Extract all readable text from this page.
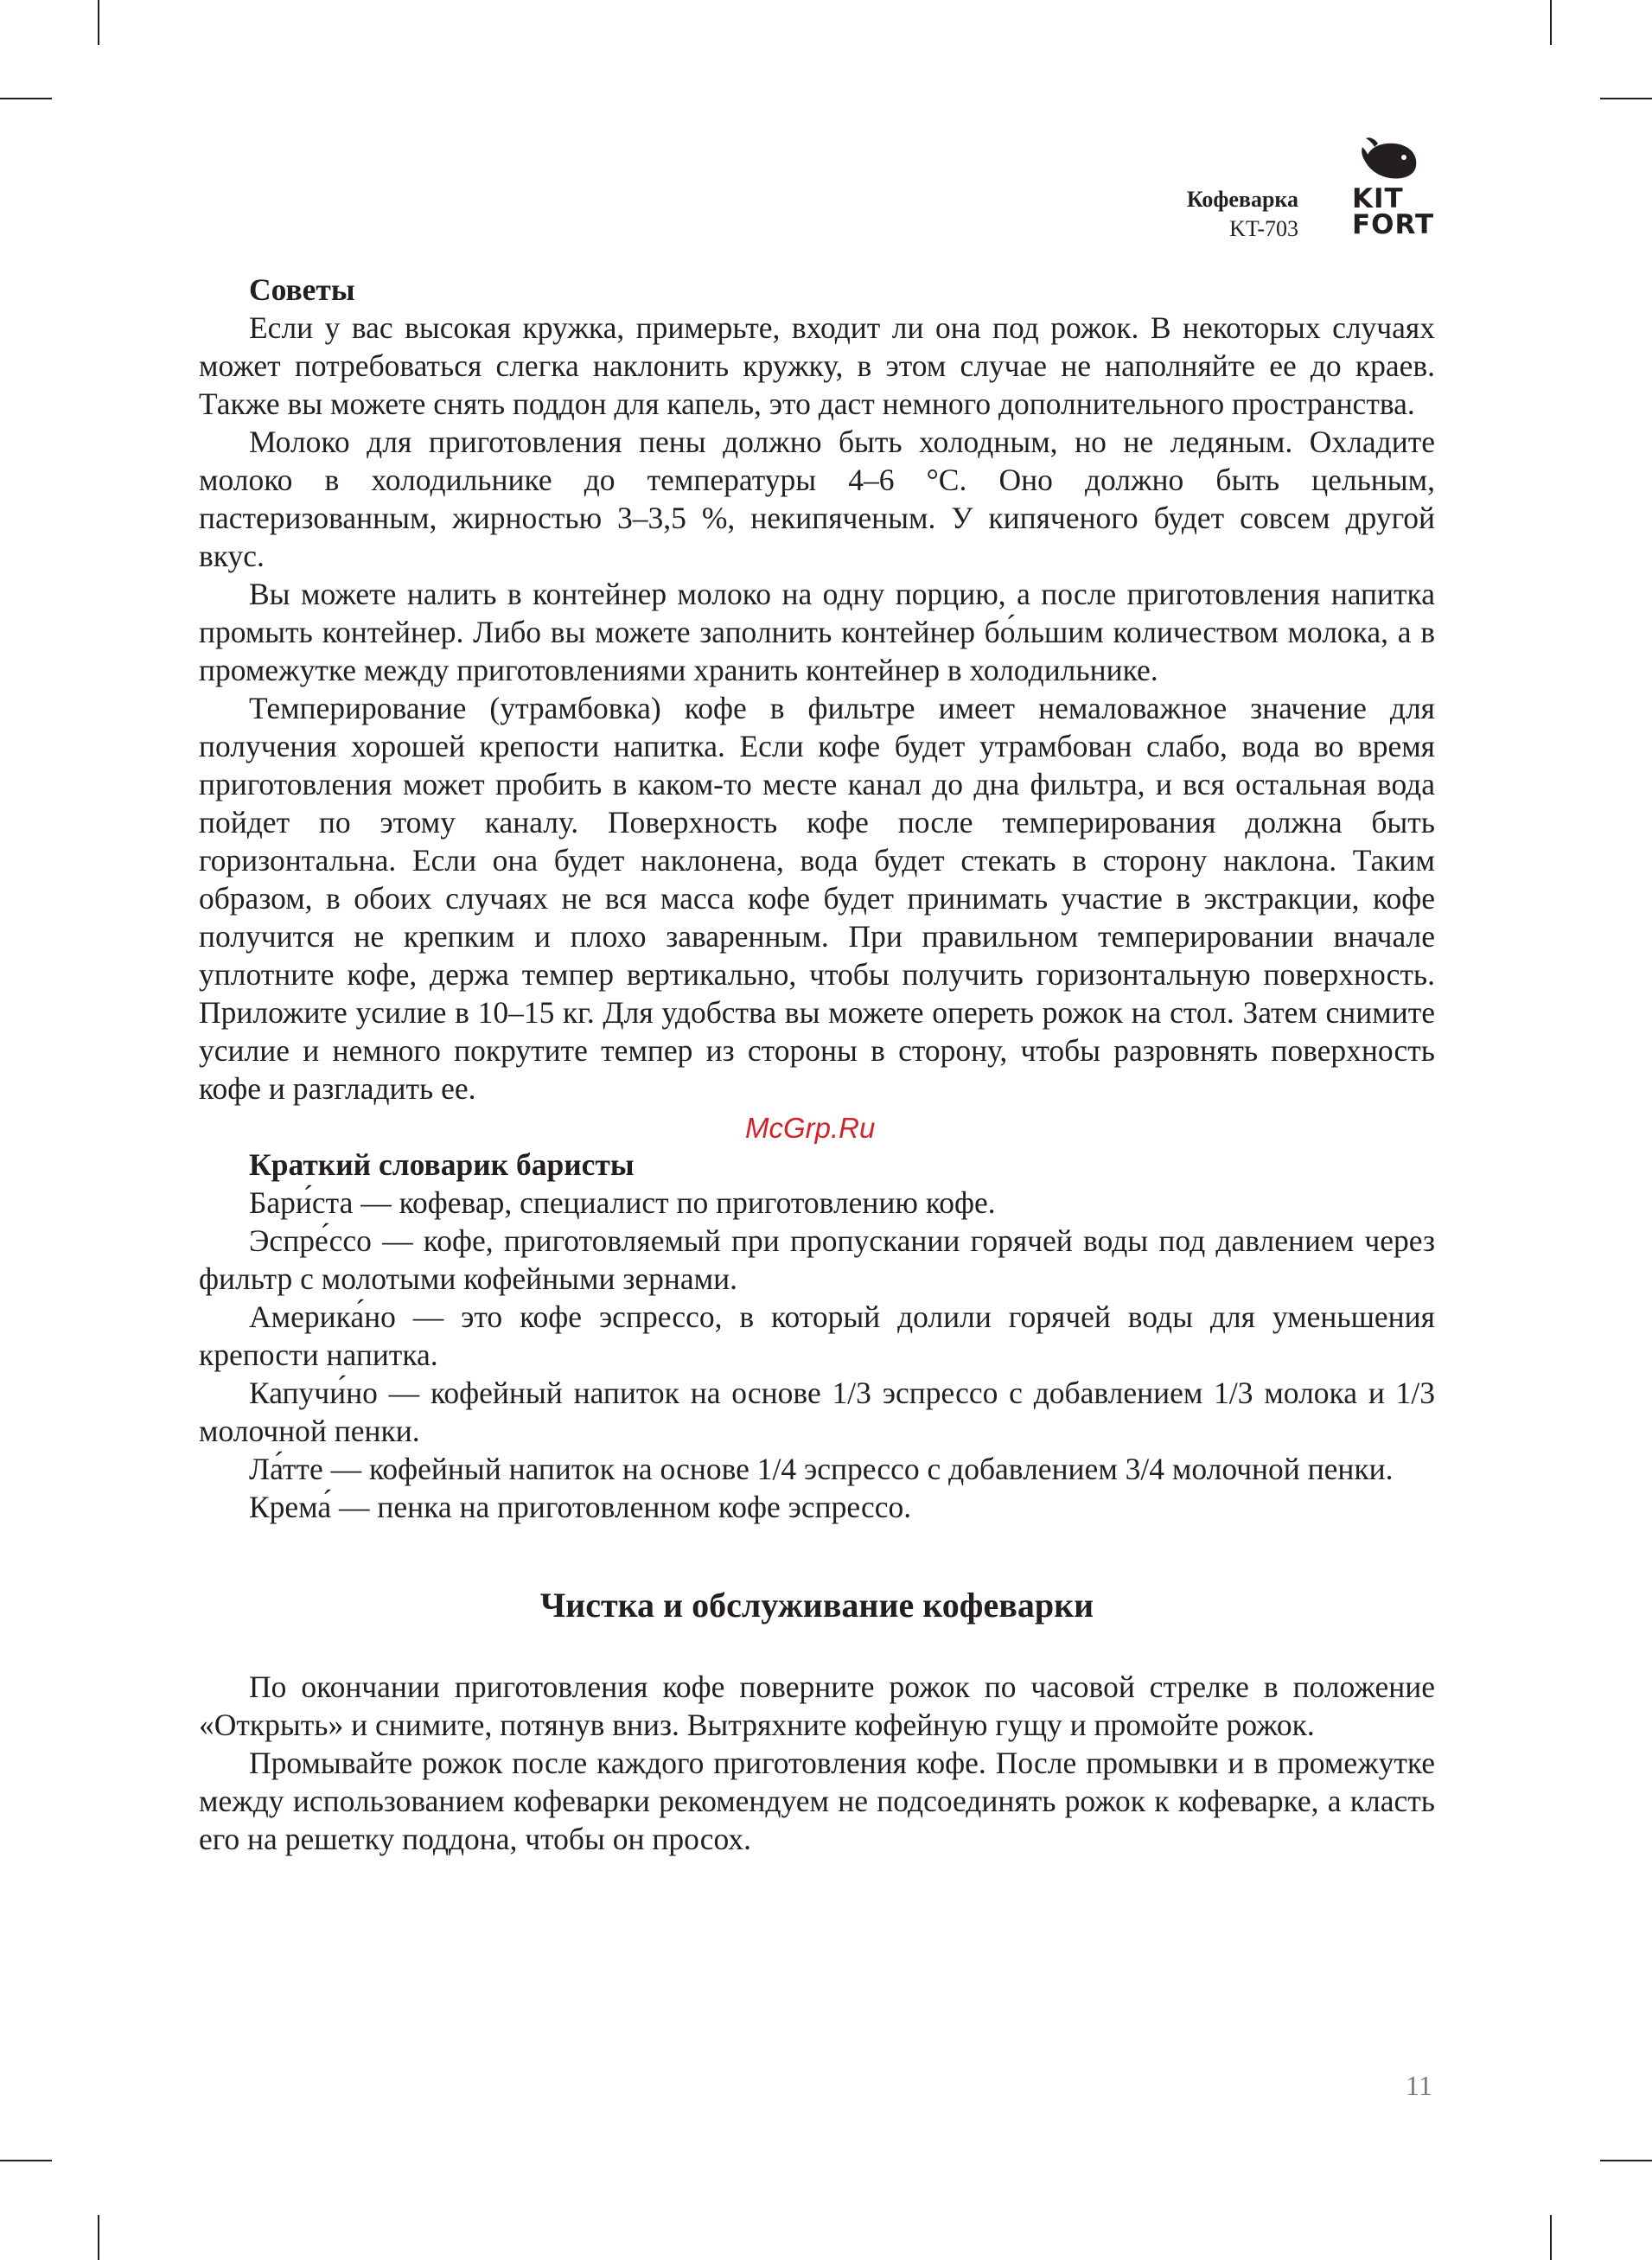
Кофеварка
KT-703
KIT
FORT
Советы

Если у вас высокая кружка, примерьте, входит ли она под рожок. В некоторых случаях может потребоваться слегка наклонить кружку, в этом случае не наполняйте ее до краев. Также вы можете снять поддон для капель, это даст немного дополнительного пространства.

Молоко для приготовления пены должно быть холодным, но не ледяным. Охладите молоко в холодильнике до температуры 4–6 °C. Оно должно быть цельным, пастеризованным, жирностью 3–3,5 %, некипяченым. У кипяченого будет совсем другой вкус.

Вы можете налить в контейнер молоко на одну порцию, а после приготовления напитка промыть контейнер. Либо вы можете заполнить контейнер бо́льшим количеством молока, а в промежутке между приготовлениями хранить контейнер в холодильнике.

Темперирование (утрамбовка) кофе в фильтре имеет немаловажное значение для получения хорошей крепости напитка. Если кофе будет утрамбован слабо, вода во время приготовления может пробить в каком-то месте канал до дна фильтра, и вся остальная вода пойдет по этому каналу. Поверхность кофе после темперирования должна быть горизонтальна. Если она будет наклонена, вода будет стекать в сторону наклона. Таким образом, в обоих случаях не вся масса кофе будет принимать участие в экстракции, кофе получится не крепким и плохо заваренным. При правильном темперировании вначале уплотните кофе, держа темпер вертикально, чтобы получить горизонтальную поверхность. Приложите усилие в 10–15 кг. Для удобства вы можете опереть рожок на стол. Затем снимите усилие и немного покрутите темпер из стороны в сторону, чтобы разровнять поверхность кофе и разгладить ее.

Краткий словарик баристы

Бари́ста — кофевар, специалист по приготовлению кофе.

Эспре́ссо — кофе, приготовляемый при пропускании горячей воды под давлением через фильтр с молотыми кофейными зернами.

Америка́но — это кофе эспрессо, в который долили горячей воды для уменьшения крепости напитка.

Капучи́но — кофейный напиток на основе 1/3 эспрессо с добавлением 1/3 молока и 1/3 молочной пенки.

Ла́тте — кофейный напиток на основе 1/4 эспрессо с добавлением 3/4 молочной пенки.

Крема́ — пенка на приготовленном кофе эспрессо.

Чистка и обслуживание кофеварки

По окончании приготовления кофе поверните рожок по часовой стрелке в положение «Открыть» и снимите, потянув вниз. Вытряхните кофейную гущу и промойте рожок.

Промывайте рожок после каждого приготовления кофе. После промывки и в промежутке между использованием кофеварки рекомендуем не подсоединять рожок к кофеварке, а класть его на решетку поддона, чтобы он просох.

McGrp.Ru
11
